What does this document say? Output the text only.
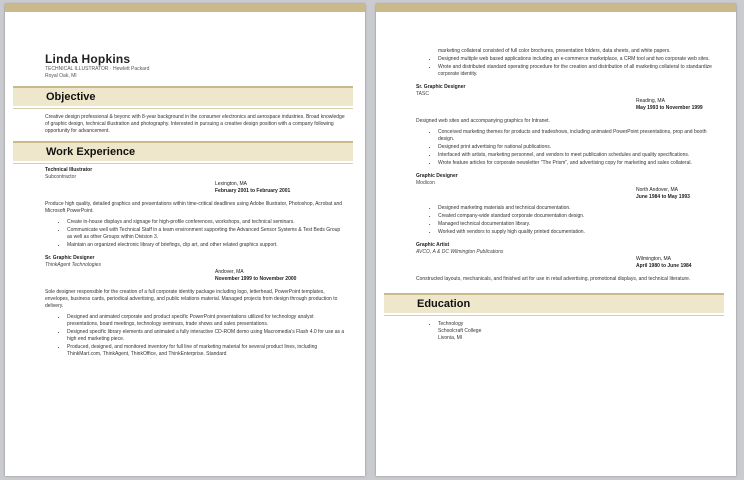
Linda Hopkins
TECHNICAL ILLUSTRATOR · Hewlett Packard
Royal Oak, MI
Objective

Creative design professional & beyonc with 8-year background in the consumer electronics and aerospace industries. Broad knowledge of graphic design, technical illustration and photography. Interested in pursuing a creative design position with a company following opportunity for advancement.

Work Experience
Technical Illustrator
Subcontractor
Lexington, MA
February 2001 to February 2001

Produce high quality, detailed graphics and presentations within time-critical deadlines using Adobe Illustrator, Photoshop, Acrobat and Microsoft PowerPoint.

• Create in-house displays and signage for high-profile conferences, workshops, and technical seminars.
• Communicate well with Technical Staff in a team environment supporting the Advanced Sensor Systems & Test Beds Group as well as other Groups within Division 3.
• Maintain an organized electronic library of briefings, clip art, and other related graphics support.
Sr. Graphic Designer
ThinkAgent Technologies
Andover, MA
November 1999 to November 2000

Sole designer responsible for the creation of a full corporate identity package including logo, letterhead, PowerPoint templates, envelopes, business cards, periodical advertising, and public relations material. Managed projects from design through production to delivery.

• Designed and animated corporate and product specific PowerPoint presentations utilized for technology analyst presentations, board meetings, technology seminars, trade shows and sales presentations.
• Designed specific library elements and animated a fully interactive CD-ROM demo using Macromedia's Flash 4.0 for use as a high end marketing piece.
• Produced, designed, and monitored inventory for full line of marketing material for several product lines, including ThinkMart.com, ThinkAgent, ThinkOffice, and ThinkEnterprise. Standard
marketing collateral consisted of full color brochures, presentation folders, data sheets, and white papers.
• Designed multiple web based applications including an e-commerce marketplace, a CRM tool and two corporate web sites.
• Wrote and distributed standard operating procedure for the creation and distribution of all marketing collateral to standardize corporate identity.
Sr. Graphic Designer
TASC
Reading, MA
May 1993 to November 1999

Designed web sites and accompanying graphics for Intranet.

• Conceived marketing themes for products and tradeshows, including animated PowerPoint presentations, prop and booth design.
• Designed print advertising for national publications.
• Interfaced with artists, marketing personnel, and vendors to meet publication schedules and quality specifications.
• Wrote feature articles for corporate newsletter "The Prism", and advertising copy for marketing and sales collateral.
Graphic Designer
Modicon
North Andover, MA
June 1984 to May 1993
• Designed marketing materials and technical documentation.
• Created company-wide standard corporate documentation design.
• Managed technical documentation library.
• Worked with vendors to supply high quality printed documentation.
Graphic Artist
AVCO, A & DC Wilmington Publications
Wilmington, MA
April 1980 to June 1984

Constructed layouts, mechanicals, and finished art for use in retail advertising, promotional displays, and technical literature.

Education
• Technology
Schoolcraft College
Livonia, MI
